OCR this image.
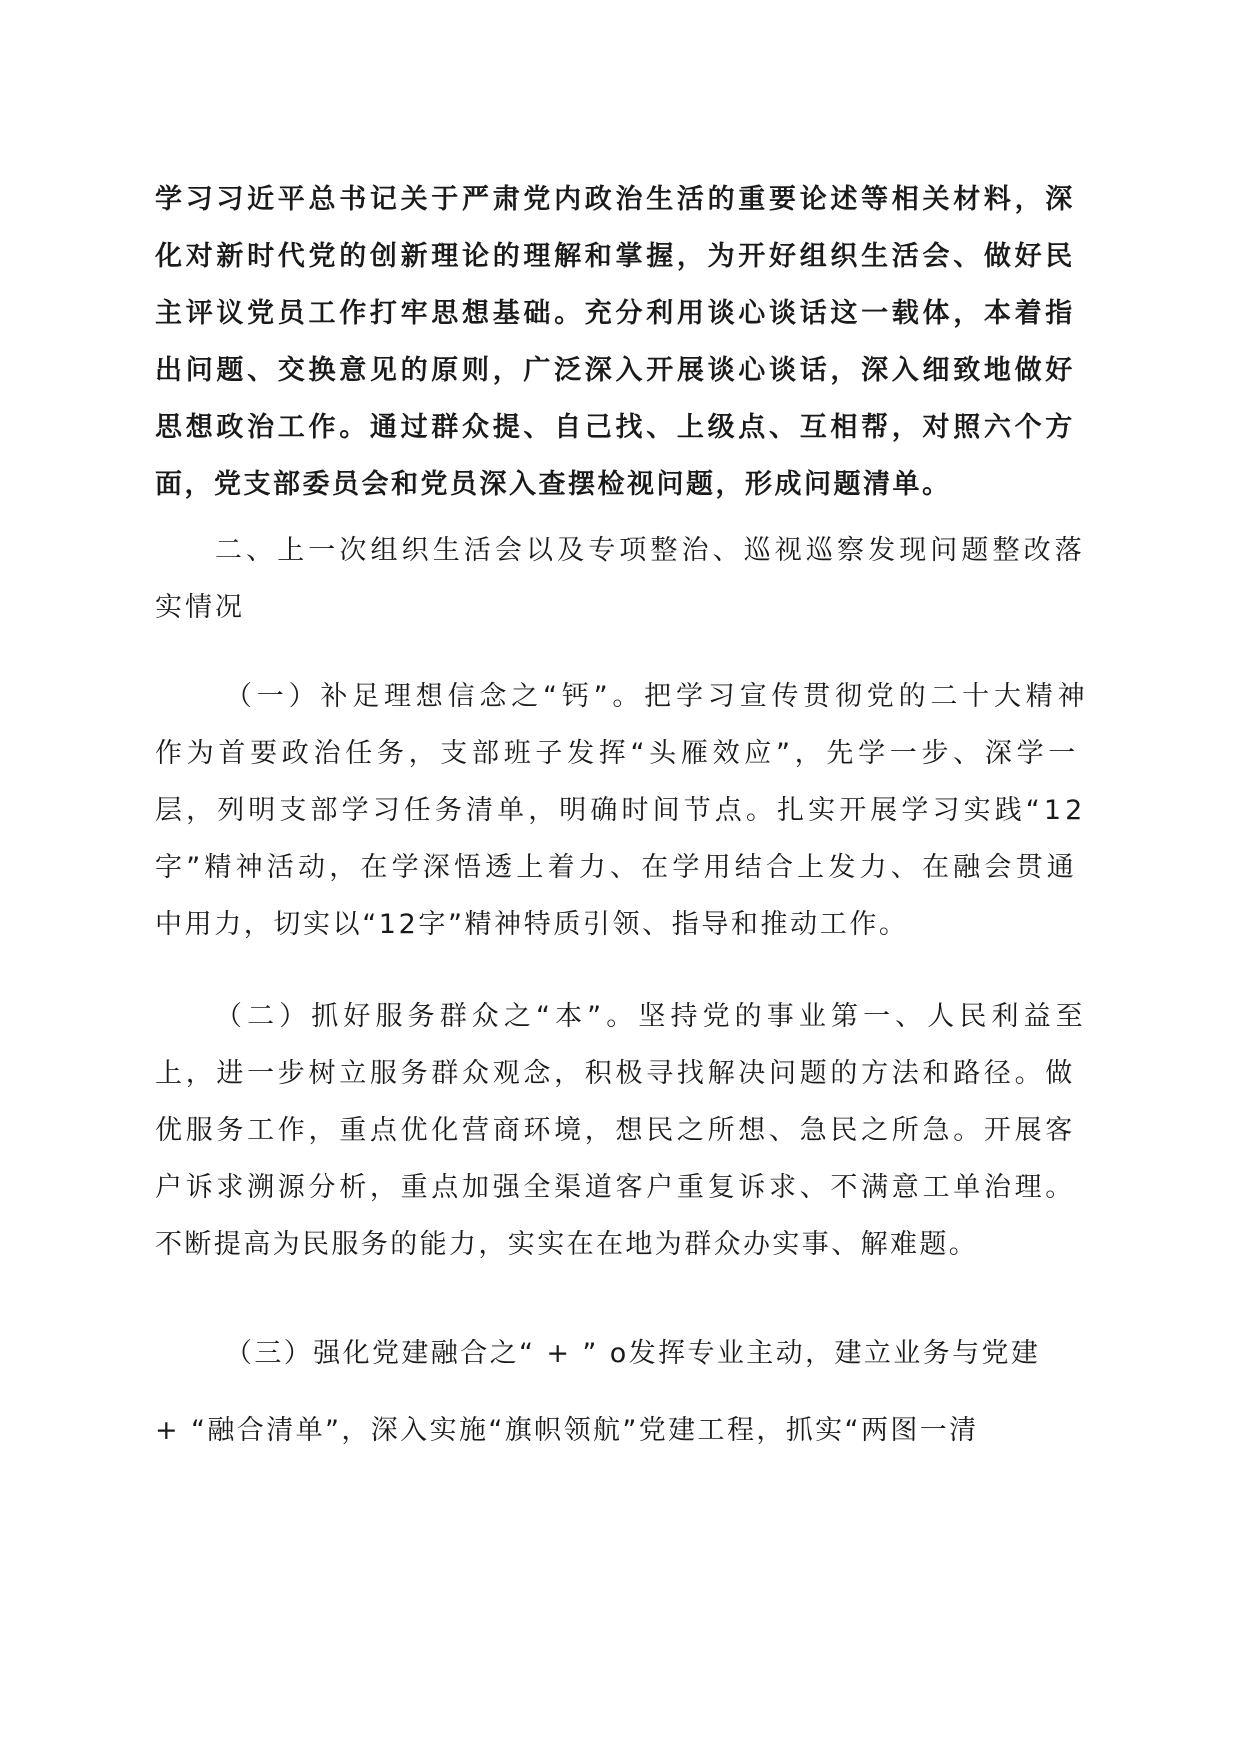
学习习近平总书记关于严肃党内政治生活的重要论述等相关材料，深
化对新时代党的创新理论的理解和掌握，为开好组织生活会、做好民
主评议党员工作打牢思想基础。充分利用谈心谈话这一载体，本着指
出问题、交换意见的原则，广泛深入开展谈心谈话，深入细致地做好
思想政治工作。通过群众提、自己找、上级点、互相帮，对照六个方
面，党支部委员会和党员深入查摆检视问题，形成问题清单。
二、上一次组织生活会以及专项整治、巡视巡察发现问题整改落
实情况
（一）补足理想信念之“钙”。把学习宣传贯彻党的二十大精神
作为首要政治任务，支部班子发挥“头雁效应”，先学一步、深学一
层，列明支部学习任务清单，明确时间节点。扎实开展学习实践“12
字”精神活动，在学深悟透上着力、在学用结合上发力、在融会贯通
中用力，切实以“12字”精神特质引领、指导和推动工作。
（二）抓好服务群众之“本”。坚持党的事业第一、人民利益至
上，进一步树立服务群众观念，积极寻找解决问题的方法和路径。做
优服务工作，重点优化营商环境，想民之所想、急民之所急。开展客
户诉求溯源分析，重点加强全渠道客户重复诉求、不满意工单治理。
不断提高为民服务的能力，实实在在地为群众办实事、解难题。
（三）强化党建融合之“ + ” o发挥专业主动，建立业务与党建
+ “融合清单”，深入实施“旗帜领航”党建工程，抓实“两图一清
